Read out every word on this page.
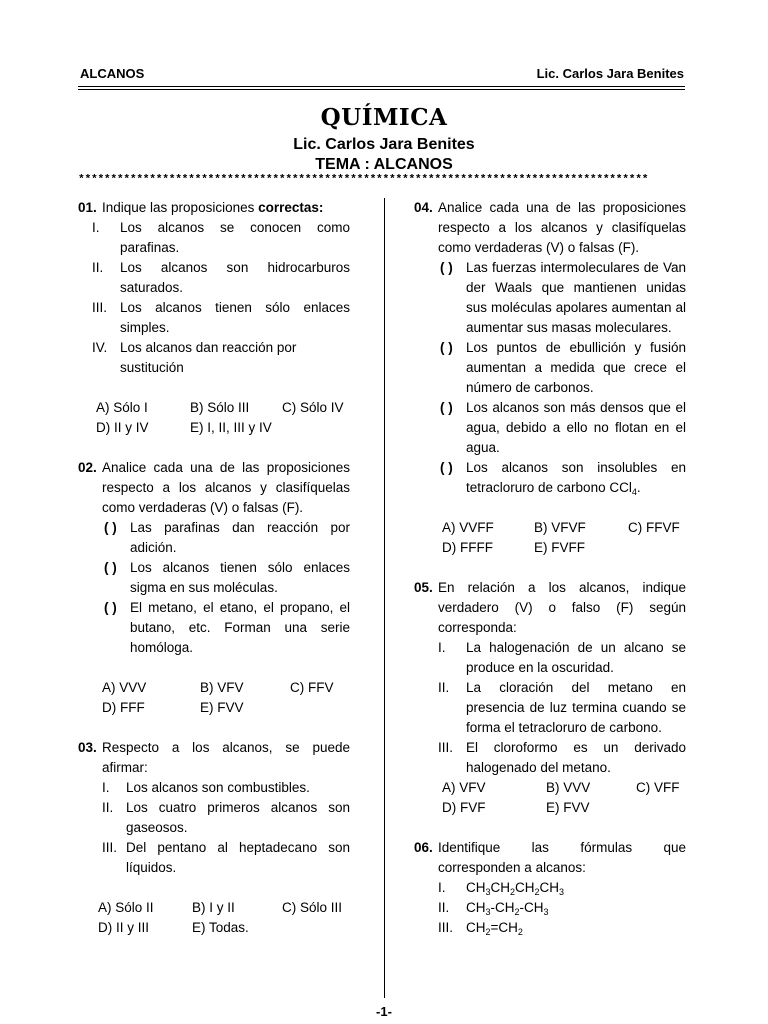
ALCANOS	Lic. Carlos Jara Benites
QUÍMICA
Lic. Carlos Jara Benites
TEMA : ALCANOS
****************************************************************************************
01. Indique las proposiciones correctas:
I.	Los alcanos se conocen como parafinas.
II.	Los alcanos son hidrocarburos saturados.
III. Los alcanos tienen sólo enlaces simples.
IV. Los alcanos dan reacción por sustitución
A) Sólo I	B) Sólo III	C) Sólo IV
D) II y IV	E) I, II, III y IV
02. Analice cada una de las proposiciones respecto a los alcanos y clasifíquelas como verdaderas (V) o falsas (F).
( ) Las parafinas dan reacción por adición.
( ) Los alcanos tienen sólo enlaces sigma en sus moléculas.
( ) El metano, el etano, el propano, el butano, etc. Forman una serie homóloga.
A) VVV	B) VFV	C) FFV
D) FFF	E) FVV
03. Respecto a los alcanos, se puede afirmar:
I.	Los alcanos son combustibles.
II. Los cuatro primeros alcanos son gaseosos.
III. Del pentano al heptadecano son líquidos.
A) Sólo II	B) I y II	C) Sólo III
D) II y III	E) Todas.
04. Analice cada una de las proposiciones respecto a los alcanos y clasifíquelas como verdaderas (V) o falsas (F).
( ) Las fuerzas intermoleculares de Van der Waals que mantienen unidas sus moléculas apolares aumentan al aumentar sus masas moleculares.
( ) Los puntos de ebullición y fusión aumentan a medida que crece el número de carbonos.
( ) Los alcanos son más densos que el agua, debido a ello no flotan en el agua.
( ) Los alcanos son insolubles en tetracloruro de carbono CCl$_4$.
A) VVFF	B) VFVF	C) FFVF
D) FFFF	E) FVFF
05. En relación a los alcanos, indique verdadero (V) o falso (F) según corresponda:
I.	La halogenación de un alcano se produce en la oscuridad.
II.	La cloración del metano en presencia de luz termina cuando se forma el tetracloruro de carbono.
III. El cloroformo es un derivado halogenado del metano.
A) VFV	B) VVV	C) VFF
D) FVF	E) FVV
06. Identifique las fórmulas que corresponden a alcanos:
I.	$CH_3CH_2CH_2CH_3$
II.	$CH_3-CH_2-CH_3$
III. $CH_2=CH_2$
-1-
